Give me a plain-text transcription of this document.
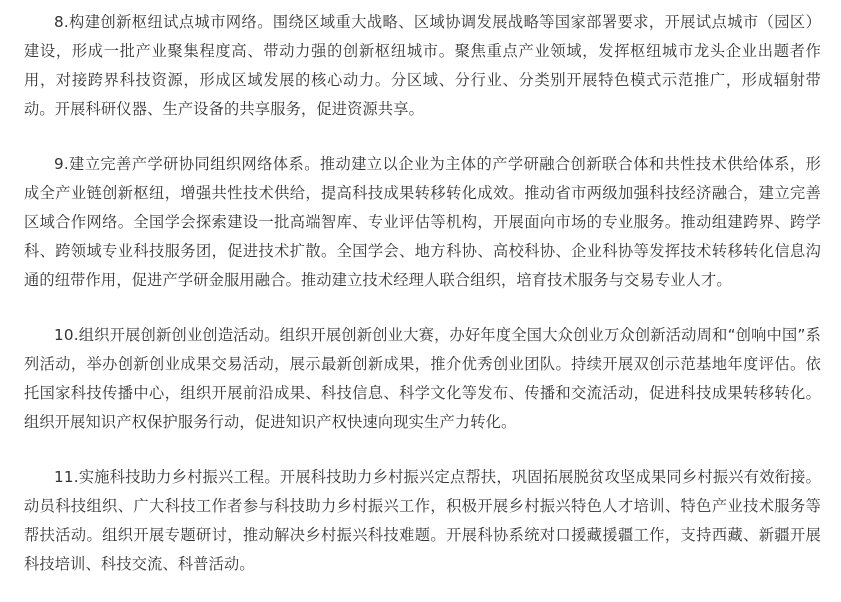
8.构建创新枢纽试点城市网络。围绕区域重大战略、区域协调发展战略等国家部署要求，开展试点城市（园区）建设，形成一批产业聚集程度高、带动力强的创新枢纽城市。聚焦重点产业领域，发挥枢纽城市龙头企业出题者作用，对接跨界科技资源，形成区域发展的核心动力。分区域、分行业、分类别开展特色模式示范推广，形成辐射带动。开展科研仪器、生产设备的共享服务，促进资源共享。

9.建立完善产学研协同组织网络体系。推动建立以企业为主体的产学研融合创新联合体和共性技术供给体系，形成全产业链创新枢纽，增强共性技术供给，提高科技成果转移转化成效。推动省市两级加强科技经济融合，建立完善区域合作网络。全国学会探索建设一批高端智库、专业评估等机构，开展面向市场的专业服务。推动组建跨界、跨学科、跨领域专业科技服务团，促进技术扩散。全国学会、地方科协、高校科协、企业科协等发挥技术转移转化信息沟通的纽带作用，促进产学研金服用融合。推动建立技术经理人联合组织，培育技术服务与交易专业人才。

10.组织开展创新创业创造活动。组织开展创新创业大赛，办好年度全国大众创业万众创新活动周和“创响中国”系列活动，举办创新创业成果交易活动，展示最新创新成果，推介优秀创业团队。持续开展双创示范基地年度评估。依托国家科技传播中心，组织开展前沿成果、科技信息、科学文化等发布、传播和交流活动，促进科技成果转移转化。组织开展知识产权保护服务行动，促进知识产权快速向现实生产力转化。

11.实施科技助力乡村振兴工程。开展科技助力乡村振兴定点帮扶，巩固拓展脱贫攻坚成果同乡村振兴有效衔接。动员科技组织、广大科技工作者参与科技助力乡村振兴工作，积极开展乡村振兴特色人才培训、特色产业技术服务等帮扶活动。组织开展专题研讨，推动解决乡村振兴科技难题。开展科协系统对口援藏援疆工作，支持西藏、新疆开展科技培训、科技交流、科普活动。
